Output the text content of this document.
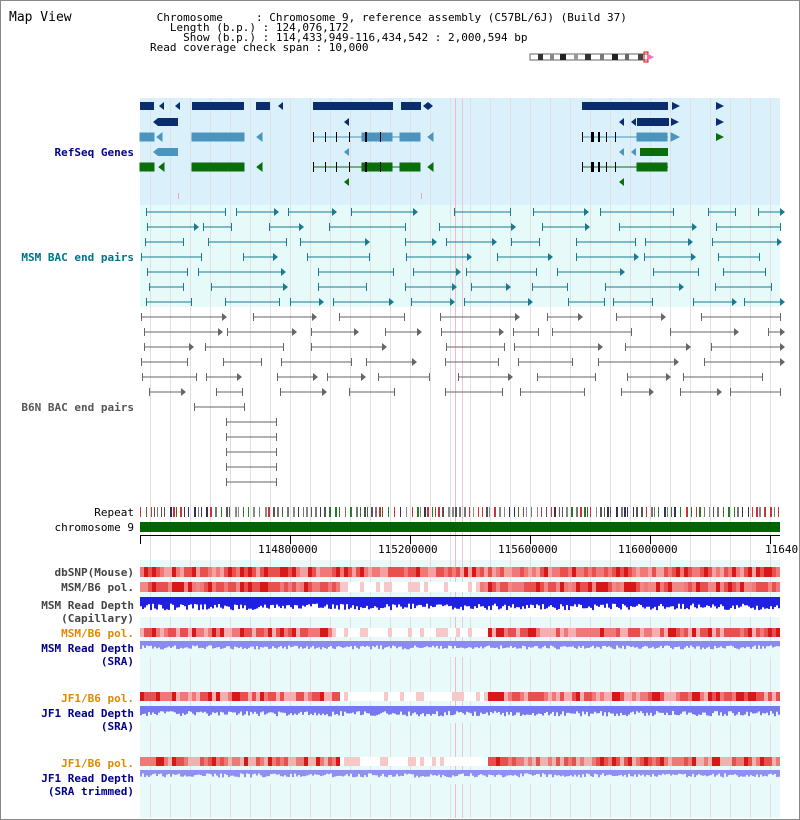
Map View	Chromosome     : Chromosome 9, reference assembly (C57BL/6J) (Build 37)
Length (b.p.) : 124,076,172
Show (b.p.) : 114,433,949-116,434,542 : 2,000,594 bp
Read coverage check span : 10,000
RefSeq Genes
MSM BAC end pairs
B6N BAC end pairs
Repeat
chromosome 9
dbSNP(Mouse)
MSM/B6 pol.
MSM Read Depth
(Capillary)
MSM/B6 pol.
MSM Read Depth
(SRA)
JF1/B6 pol.
JF1 Read Depth
(SRA)
JF1/B6 pol.
JF1 Read Depth
(SRA trimmed)
114800000	115200000	115600000	116000000	11640
